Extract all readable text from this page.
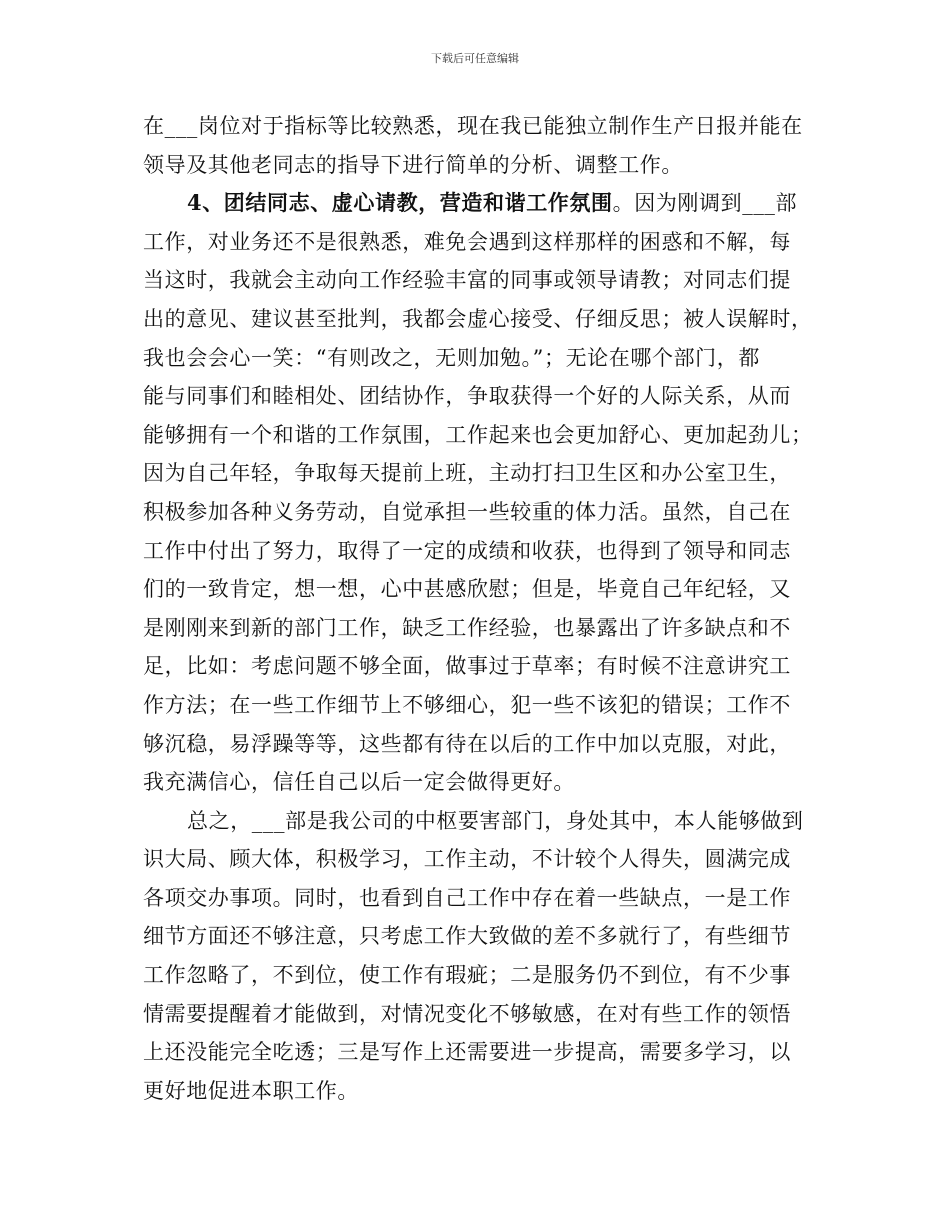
下载后可任意编辑
在___岗位对于指标等比较熟悉，现在我已能独立制作生产日报并能在
领导及其他老同志的指导下进行简单的分析、调整工作。
4、团结同志、虚心请教，营造和谐工作氛围。因为刚调到___部
工作，对业务还不是很熟悉，难免会遇到这样那样的困惑和不解，每
当这时，我就会主动向工作经验丰富的同事或领导请教；对同志们提
出的意见、建议甚至批判，我都会虚心接受、仔细反思；被人误解时，
我也会会心一笑：“有则改之，无则加勉。”；无论在哪个部门，都
能与同事们和睦相处、团结协作，争取获得一个好的人际关系，从而
能够拥有一个和谐的工作氛围，工作起来也会更加舒心、更加起劲儿；
因为自己年轻，争取每天提前上班，主动打扫卫生区和办公室卫生，
积极参加各种义务劳动，自觉承担一些较重的体力活。虽然，自己在
工作中付出了努力，取得了一定的成绩和收获，也得到了领导和同志
们的一致肯定，想一想，心中甚感欣慰；但是，毕竟自己年纪轻，又
是刚刚来到新的部门工作，缺乏工作经验，也暴露出了许多缺点和不
足，比如：考虑问题不够全面，做事过于草率；有时候不注意讲究工
作方法；在一些工作细节上不够细心，犯一些不该犯的错误；工作不
够沉稳，易浮躁等等，这些都有待在以后的工作中加以克服，对此，
我充满信心，信任自己以后一定会做得更好。
总之，___部是我公司的中枢要害部门，身处其中，本人能够做到
识大局、顾大体，积极学习，工作主动，不计较个人得失，圆满完成
各项交办事项。同时，也看到自己工作中存在着一些缺点，一是工作
细节方面还不够注意，只考虑工作大致做的差不多就行了，有些细节
工作忽略了，不到位，使工作有瑕疵；二是服务仍不到位，有不少事
情需要提醒着才能做到，对情况变化不够敏感，在对有些工作的领悟
上还没能完全吃透；三是写作上还需要进一步提高，需要多学习，以
更好地促进本职工作。
